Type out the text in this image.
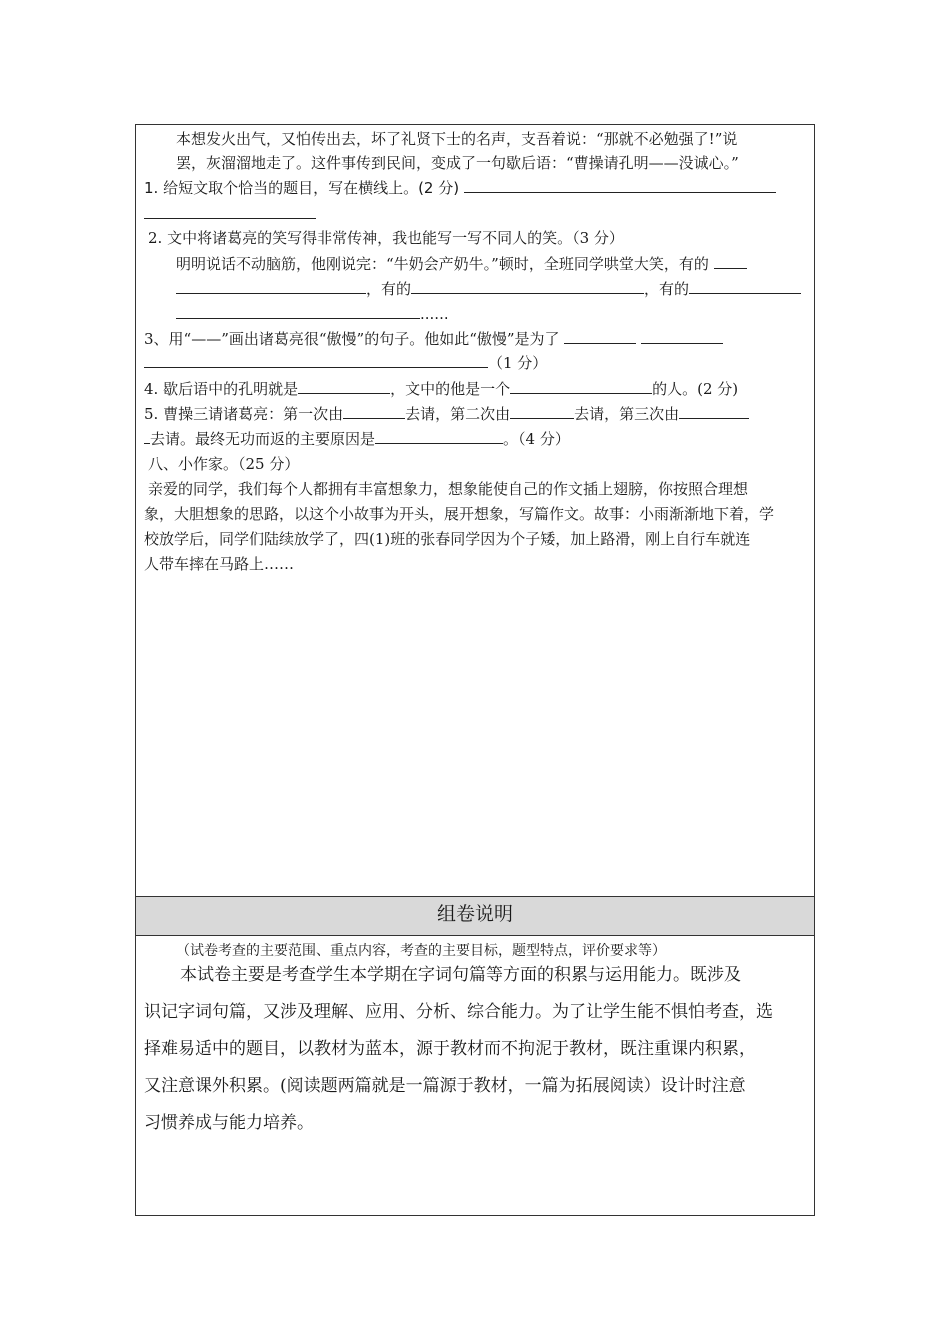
本想发火出气，又怕传出去，坏了礼贤下士的名声，支吾着说：“那就不必勉强了!”说
罢，灰溜溜地走了。这件事传到民间，变成了一句歇后语：“曹操请孔明——没诚心。”
1. 给短文取个恰当的题目，写在横线上。(2 分)
2. 文中将诸葛亮的笑写得非常传神，我也能写一写不同人的笑。（3 分）
明明说话不动脑筋，他刚说完：“牛奶会产奶牛。”顿时，全班同学哄堂大笑，有的
，有的	，有的
......
3、用“——”画出诸葛亮很“傲慢”的句子。他如此“傲慢”是为了
（1 分）
4. 歇后语中的孔明就是	，文中的他是一个	的人。(2 分)
5. 曹操三请诸葛亮：第一次由	去请，第二次由	去请，第三次由
去请。最终无功而返的主要原因是	。（4 分）
八、小作家。（25 分）
亲爱的同学，我们每个人都拥有丰富想象力，想象能使自己的作文插上翅膀，你按照合理想
象，大胆想象的思路，以这个小故事为开头，展开想象，写篇作文。故事：小雨渐渐地下着，学
校放学后，同学们陆续放学了，四(1)班的张春同学因为个子矮，加上路滑，刚上自行车就连
人带车摔在马路上……
组卷说明
（试卷考查的主要范围、重点内容，考查的主要目标，题型特点，评价要求等）
本试卷主要是考查学生本学期在字词句篇等方面的积累与运用能力。既涉及
识记字词句篇，又涉及理解、应用、分析、综合能力。为了让学生能不惧怕考查，选
择难易适中的题目，以教材为蓝本，源于教材而不拘泥于教材，既注重课内积累，
又注意课外积累。(阅读题两篇就是一篇源于教材，一篇为拓展阅读）设计时注意
习惯养成与能力培养。
